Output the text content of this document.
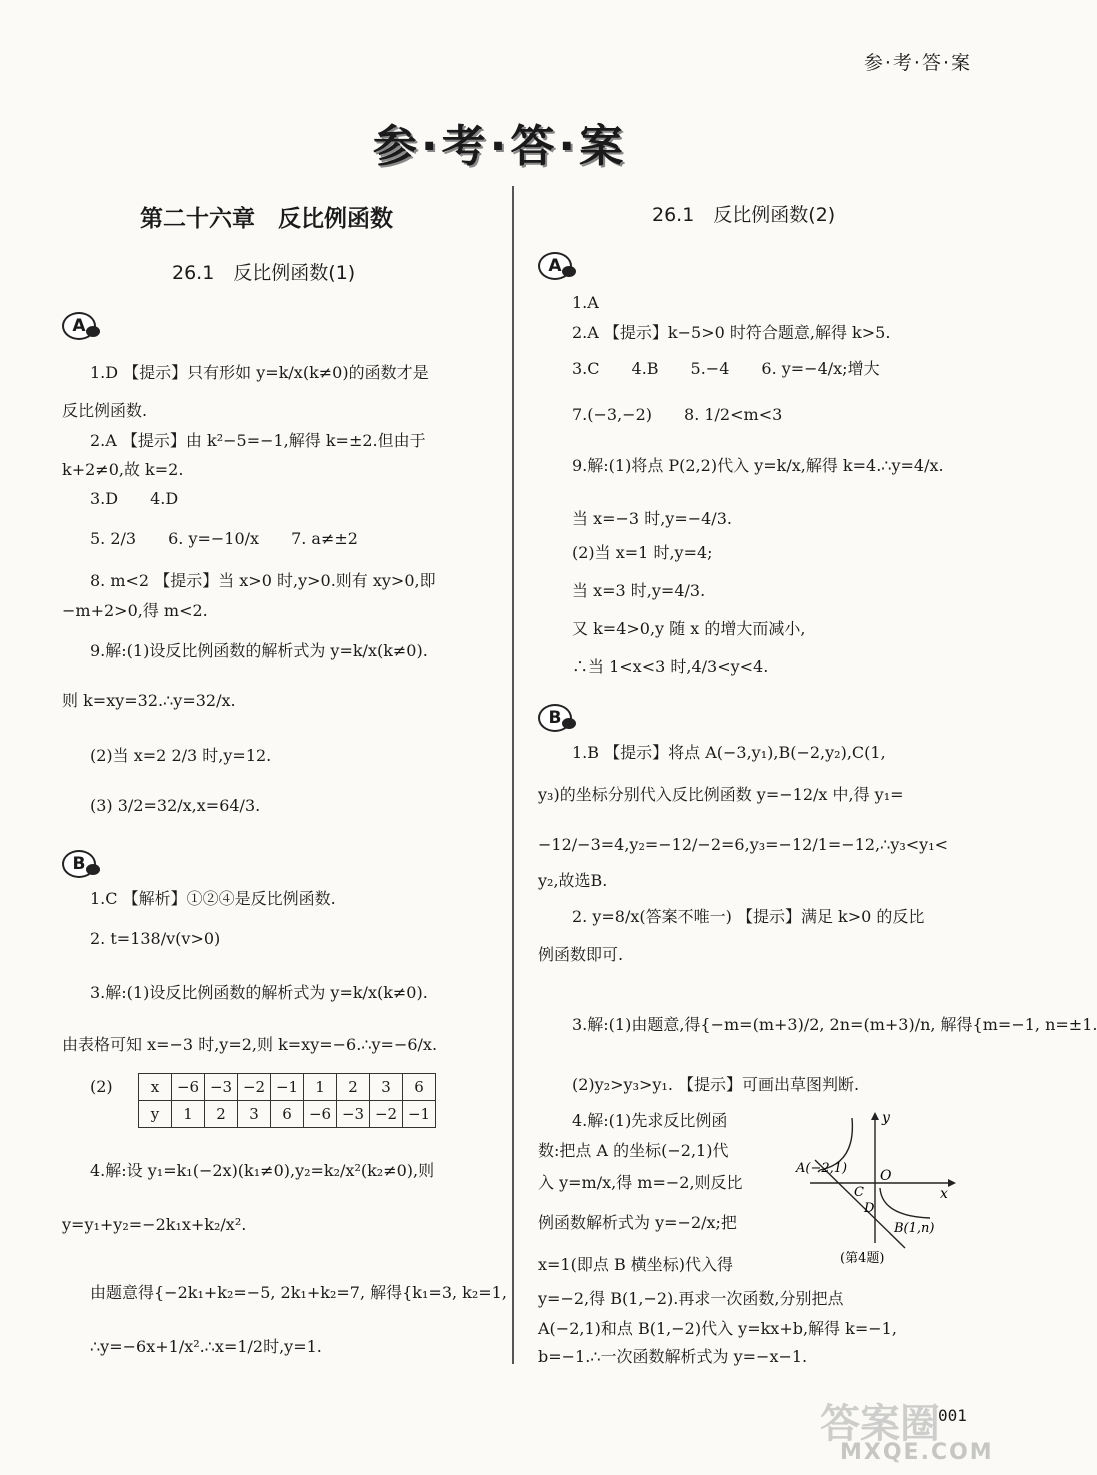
参·考·答·案
参·考·答·案
第二十六章　反比例函数
26.1　反比例函数(1)
A
1.D 【提示】只有形如 y=k/x(k≠0)的函数才是
反比例函数.
2.A 【提示】由 k²−5=−1,解得 k=±2.但由于
k+2≠0,故 k=2.
3.D　　4.D
5. 2/3　　6. y=−10/x　　7. a≠±2
8. m<2 【提示】当 x>0 时,y>0.则有 xy>0,即
−m+2>0,得 m<2.
9.解:(1)设反比例函数的解析式为 y=k/x(k≠0).
则 k=xy=32.∴y=32/x.
(2)当 x=2 2/3 时,y=12.
(3) 3/2=32/x,x=64/3.
B
1.C 【解析】①②④是反比例函数.
2. t=138/v(v>0)
3.解:(1)设反比例函数的解析式为 y=k/x(k≠0).
由表格可知 x=−3 时,y=2,则 k=xy=−6.∴y=−6/x.
(2)	x	−6	−3	−2	−1	1	2	3	6
y	1	2	3	6	−6	−3	−2	−1
4.解:设 y₁=k₁(−2x)(k₁≠0),y₂=k₂/x²(k₂≠0),则
y=y₁+y₂=−2k₁x+k₂/x².
由题意得{−2k₁+k₂=−5, 2k₁+k₂=7, 解得{k₁=3, k₂=1,
∴y=−6x+1/x².∴x=1/2时,y=1.
26.1　反比例函数(2)
A
1.A
2.A 【提示】k−5>0 时符合题意,解得 k>5.
3.C　　4.B　　5.−4　　6. y=−4/x;增大
7.(−3,−2)　　8. 1/2<m<3
9.解:(1)将点 P(2,2)代入 y=k/x,解得 k=4.∴y=4/x.
当 x=−3 时,y=−4/3.
(2)当 x=1 时,y=4;
当 x=3 时,y=4/3.
又 k=4>0,y 随 x 的增大而减小,
∴当 1<x<3 时,4/3<y<4.
B
1.B 【提示】将点 A(−3,y₁),B(−2,y₂),C(1,
y₃)的坐标分别代入反比例函数 y=−12/x 中,得 y₁=
−12/−3=4,y₂=−12/−2=6,y₃=−12/1=−12,∴y₃<y₁<
y₂,故选B.
2. y=8/x(答案不唯一) 【提示】满足 k>0 的反比
例函数即可.
3.解:(1)由题意,得{−m=(m+3)/2, 2n=(m+3)/n, 解得{m=−1, n=±1.
(2)y₂>y₃>y₁. 【提示】可画出草图判断.
4.解:(1)先求反比例函
数:把点 A 的坐标(−2,1)代
入 y=m/x,得 m=−2,则反比
例函数解析式为 y=−2/x;把
x=1(即点 B 横坐标)代入得
y=−2,得 B(1,−2).再求一次函数,分别把点
A(−2,1)和点 B(1,−2)代入 y=kx+b,解得 k=−1,
b=−1.∴一次函数解析式为 y=−x−1.
y
x
O
A(−2,1)
C
D
B(1,n)
(第4题)
答案圈
MXQE.COM
001
